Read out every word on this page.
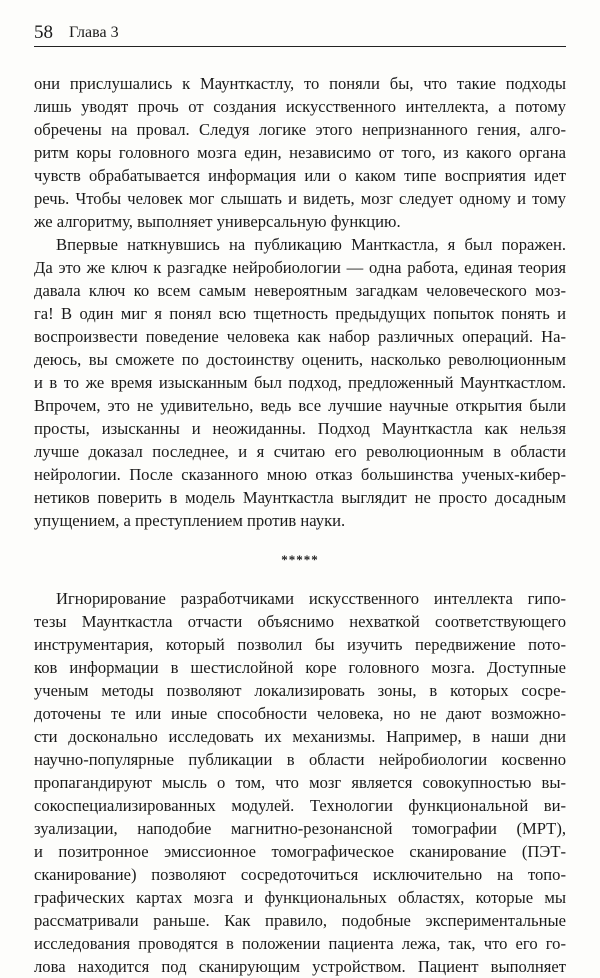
58 Глава 3
они прислушались к Маунткастлу, то поняли бы, что такие подходы
лишь уводят прочь от создания искусственного интеллекта, а потому
обречены на провал. Следуя логике этого непризнанного гения, алго-
ритм коры головного мозга един, независимо от того, из какого органа
чувств обрабатывается информация или о каком типе восприятия идет
речь. Чтобы человек мог слышать и видеть, мозг следует одному и тому
же алгоритму, выполняет универсальную функцию.
Впервые наткнувшись на публикацию Манткастла, я был поражен.
Да это же ключ к разгадке нейробиологии — одна работа, единая теория
давала ключ ко всем самым невероятным загадкам человеческого моз-
га! В один миг я понял всю тщетность предыдущих попыток понять и
воспроизвести поведение человека как набор различных операций. На-
деюсь, вы сможете по достоинству оценить, насколько революционным
и в то же время изысканным был подход, предложенный Маунткастлом.
Впрочем, это не удивительно, ведь все лучшие научные открытия были
просты, изысканны и неожиданны. Подход Маунткастла как нельзя
лучше доказал последнее, и я считаю его революционным в области
нейрологии. После сказанного мною отказ большинства ученых-кибер-
нетиков поверить в модель Маунткастла выглядит не просто досадным
упущением, а преступлением против науки.
*****
Игнорирование разработчиками искусственного интеллекта гипо-
тезы Маунткастла отчасти объяснимо нехваткой соответствующего
инструментария, который позволил бы изучить передвижение пото-
ков информации в шестислойной коре головного мозга. Доступные
ученым методы позволяют локализировать зоны, в которых сосре-
доточены те или иные способности человека, но не дают возможно-
сти досконально исследовать их механизмы. Например, в наши дни
научно-популярные публикации в области нейробиологии косвенно
пропагандируют мысль о том, что мозг является совокупностью вы-
сокоспециализированных модулей. Технологии функциональной ви-
зуализации, наподобие магнитно-резонансной томографии (МРТ),
и позитронное эмиссионное томографическое сканирование (ПЭТ-
сканирование) позволяют сосредоточиться исключительно на топо-
графических картах мозга и функциональных областях, которые мы
рассматривали раньше. Как правило, подобные экспериментальные
исследования проводятся в положении пациента лежа, так, что его го-
лова находится под сканирующим устройством. Пациент выполняет
